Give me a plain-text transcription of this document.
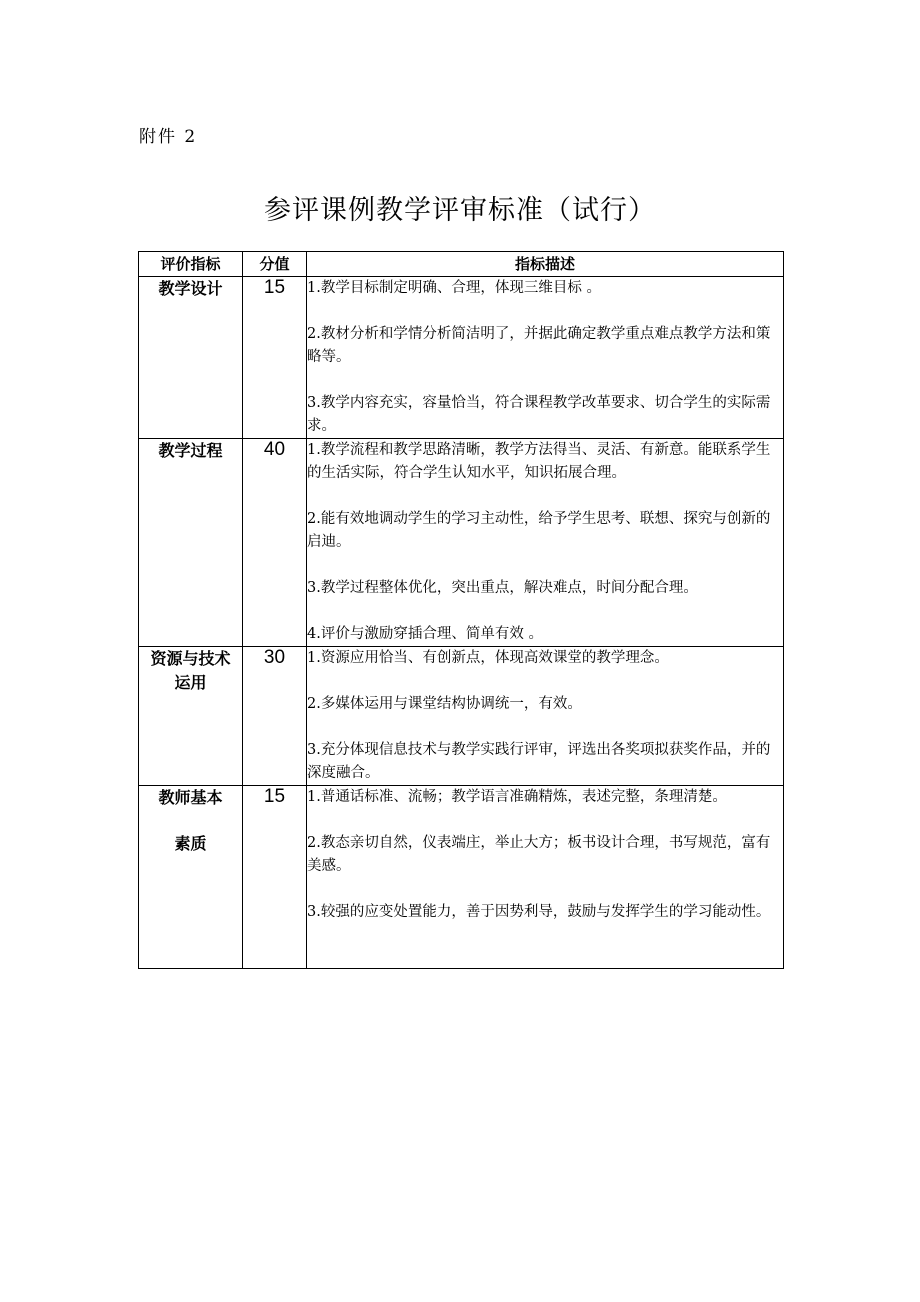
附件 2
参评课例教学评审标准（试行）
评价指标	分值	指标描述

教学设计	15	1.教学目标制定明确、合理，体现三维目标 。
2.教材分析和学情分析简洁明了，并据此确定教学重点难点教学方法和策略等。
3.教学内容充实，容量恰当，符合课程教学改革要求、切合学生的实际需求。

教学过程	40	1.教学流程和教学思路清晰，教学方法得当、灵活、有新意。能联系学生的生活实际，符合学生认知水平，知识拓展合理。
2.能有效地调动学生的学习主动性，给予学生思考、联想、探究与创新的启迪。
3.教学过程整体优化，突出重点，解决难点，时间分配合理。
4.评价与激励穿插合理、简单有效 。

资源与技术
运用	30	1.资源应用恰当、有创新点，体现高效课堂的教学理念。
2.多媒体运用与课堂结构协调统一，有效。
3.充分体现信息技术与教学实践行评审，评选出各奖项拟获奖作品，并的深度融合。

教师基本
素质	15	1.普通话标准、流畅；教学语言准确精炼，表述完整，条理清楚。
2.教态亲切自然，仪表端庄，举止大方；板书设计合理，书写规范，富有美感。
3.较强的应变处置能力，善于因势利导，鼓励与发挥学生的学习能动性。
